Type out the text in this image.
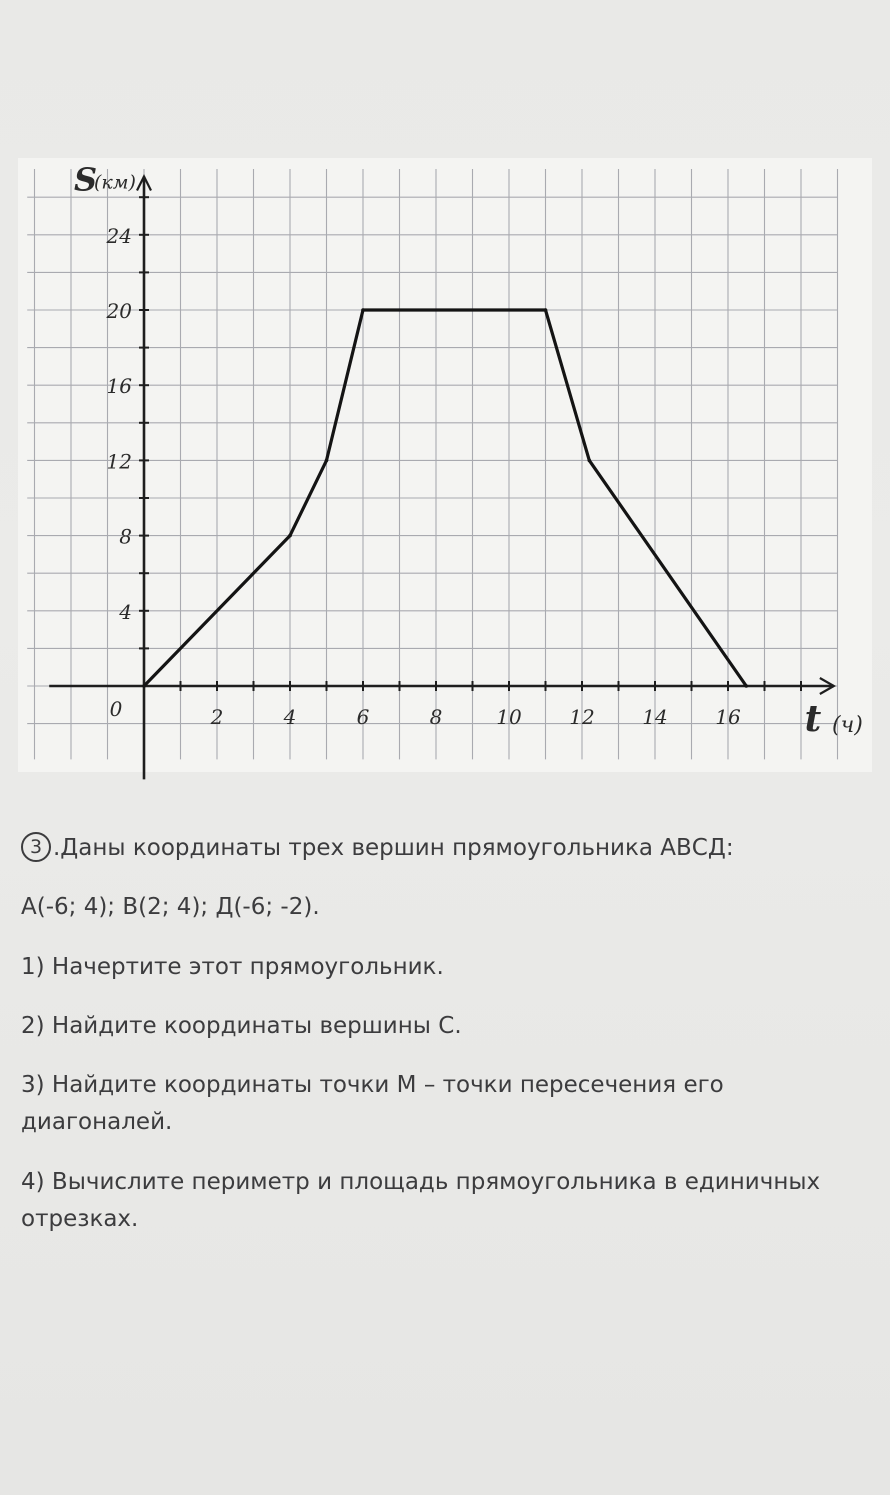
2	4	6	8	10 12 14 16
4
8
12
16
20
24
0	t (ч)
S
(км)
3 .Даны координаты трех вершин прямоугольника АВСД:
А(-6; 4); В(2; 4); Д(-6; -2).
1) Начертите этот прямоугольник.
2) Найдите координаты вершины С.
3) Найдите координаты точки М – точки пересечения его диагоналей.
4) Вычислите периметр и площадь прямоугольника в единичных отрезках.
